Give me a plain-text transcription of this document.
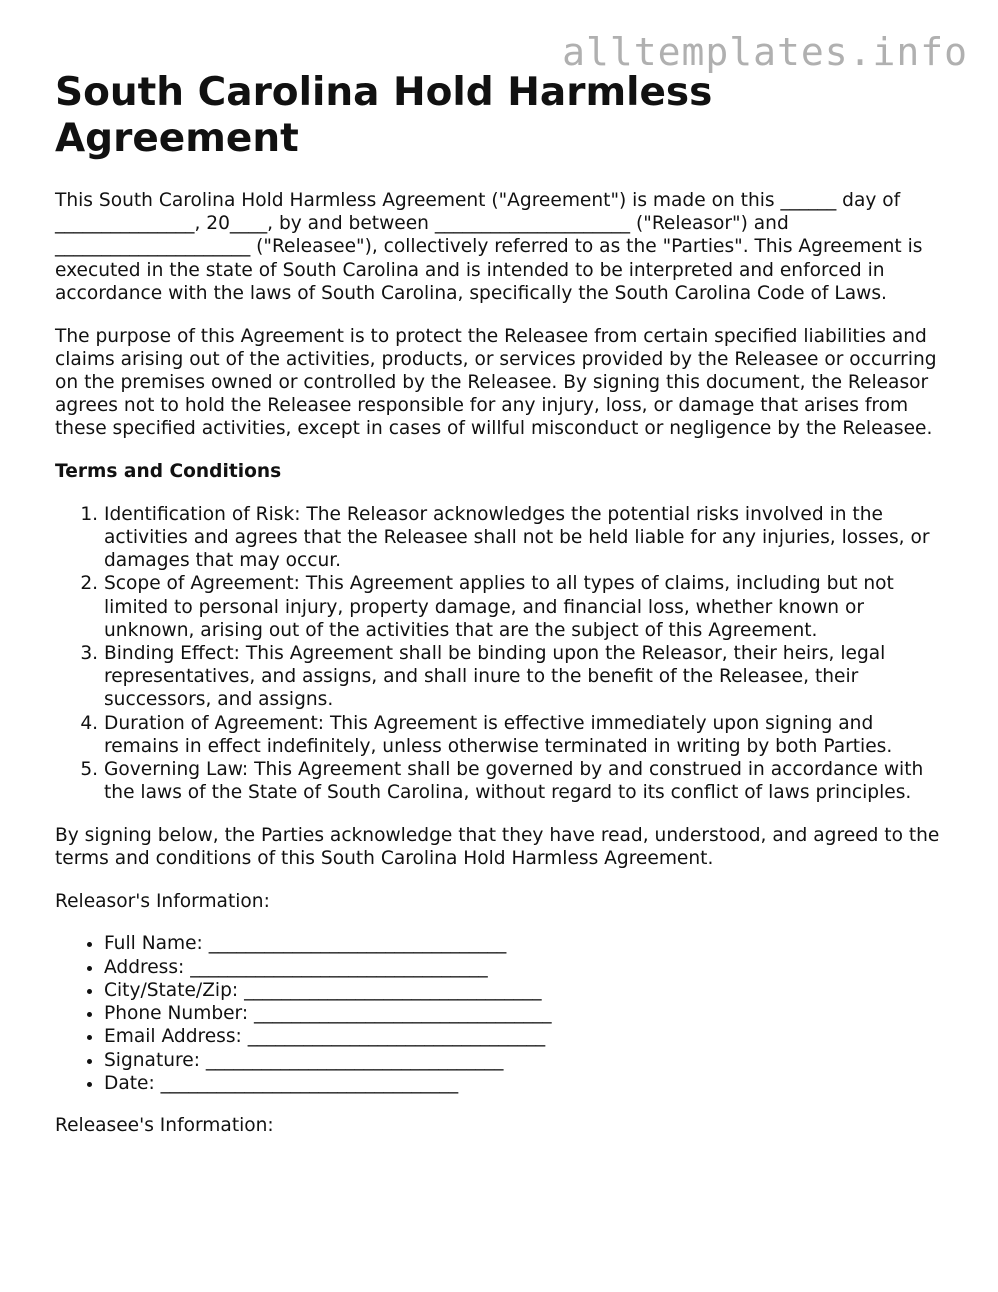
alltemplates.info
South Carolina Hold Harmless Agreement

This South Carolina Hold Harmless Agreement ("Agreement") is made on this ______ day of _______________, 20____, by and between _____________________ ("Releasor") and _____________________ ("Releasee"), collectively referred to as the "Parties". This Agreement is executed in the state of South Carolina and is intended to be interpreted and enforced in accordance with the laws of South Carolina, specifically the South Carolina Code of Laws.

The purpose of this Agreement is to protect the Releasee from certain specified liabilities and claims arising out of the activities, products, or services provided by the Releasee or occurring on the premises owned or controlled by the Releasee. By signing this document, the Releasor agrees not to hold the Releasee responsible for any injury, loss, or damage that arises from these specified activities, except in cases of willful misconduct or negligence by the Releasee.

Terms and Conditions
1. Identification of Risk: The Releasor acknowledges the potential risks involved in the activities and agrees that the Releasee shall not be held liable for any injuries, losses, or damages that may occur.
2. Scope of Agreement: This Agreement applies to all types of claims, including but not limited to personal injury, property damage, and financial loss, whether known or unknown, arising out of the activities that are the subject of this Agreement.
3. Binding Effect: This Agreement shall be binding upon the Releasor, their heirs, legal representatives, and assigns, and shall inure to the benefit of the Releasee, their successors, and assigns.
4. Duration of Agreement: This Agreement is effective immediately upon signing and remains in effect indefinitely, unless otherwise terminated in writing by both Parties.
5. Governing Law: This Agreement shall be governed by and construed in accordance with the laws of the State of South Carolina, without regard to its conflict of laws principles.

By signing below, the Parties acknowledge that they have read, understood, and agreed to the terms and conditions of this South Carolina Hold Harmless Agreement.

Releasor's Information:

• Full Name: ________________________________
• Address: ________________________________
• City/State/Zip: ________________________________
• Phone Number: ________________________________
• Email Address: ________________________________
• Signature: ________________________________
• Date: ________________________________

Releasee's Information:
